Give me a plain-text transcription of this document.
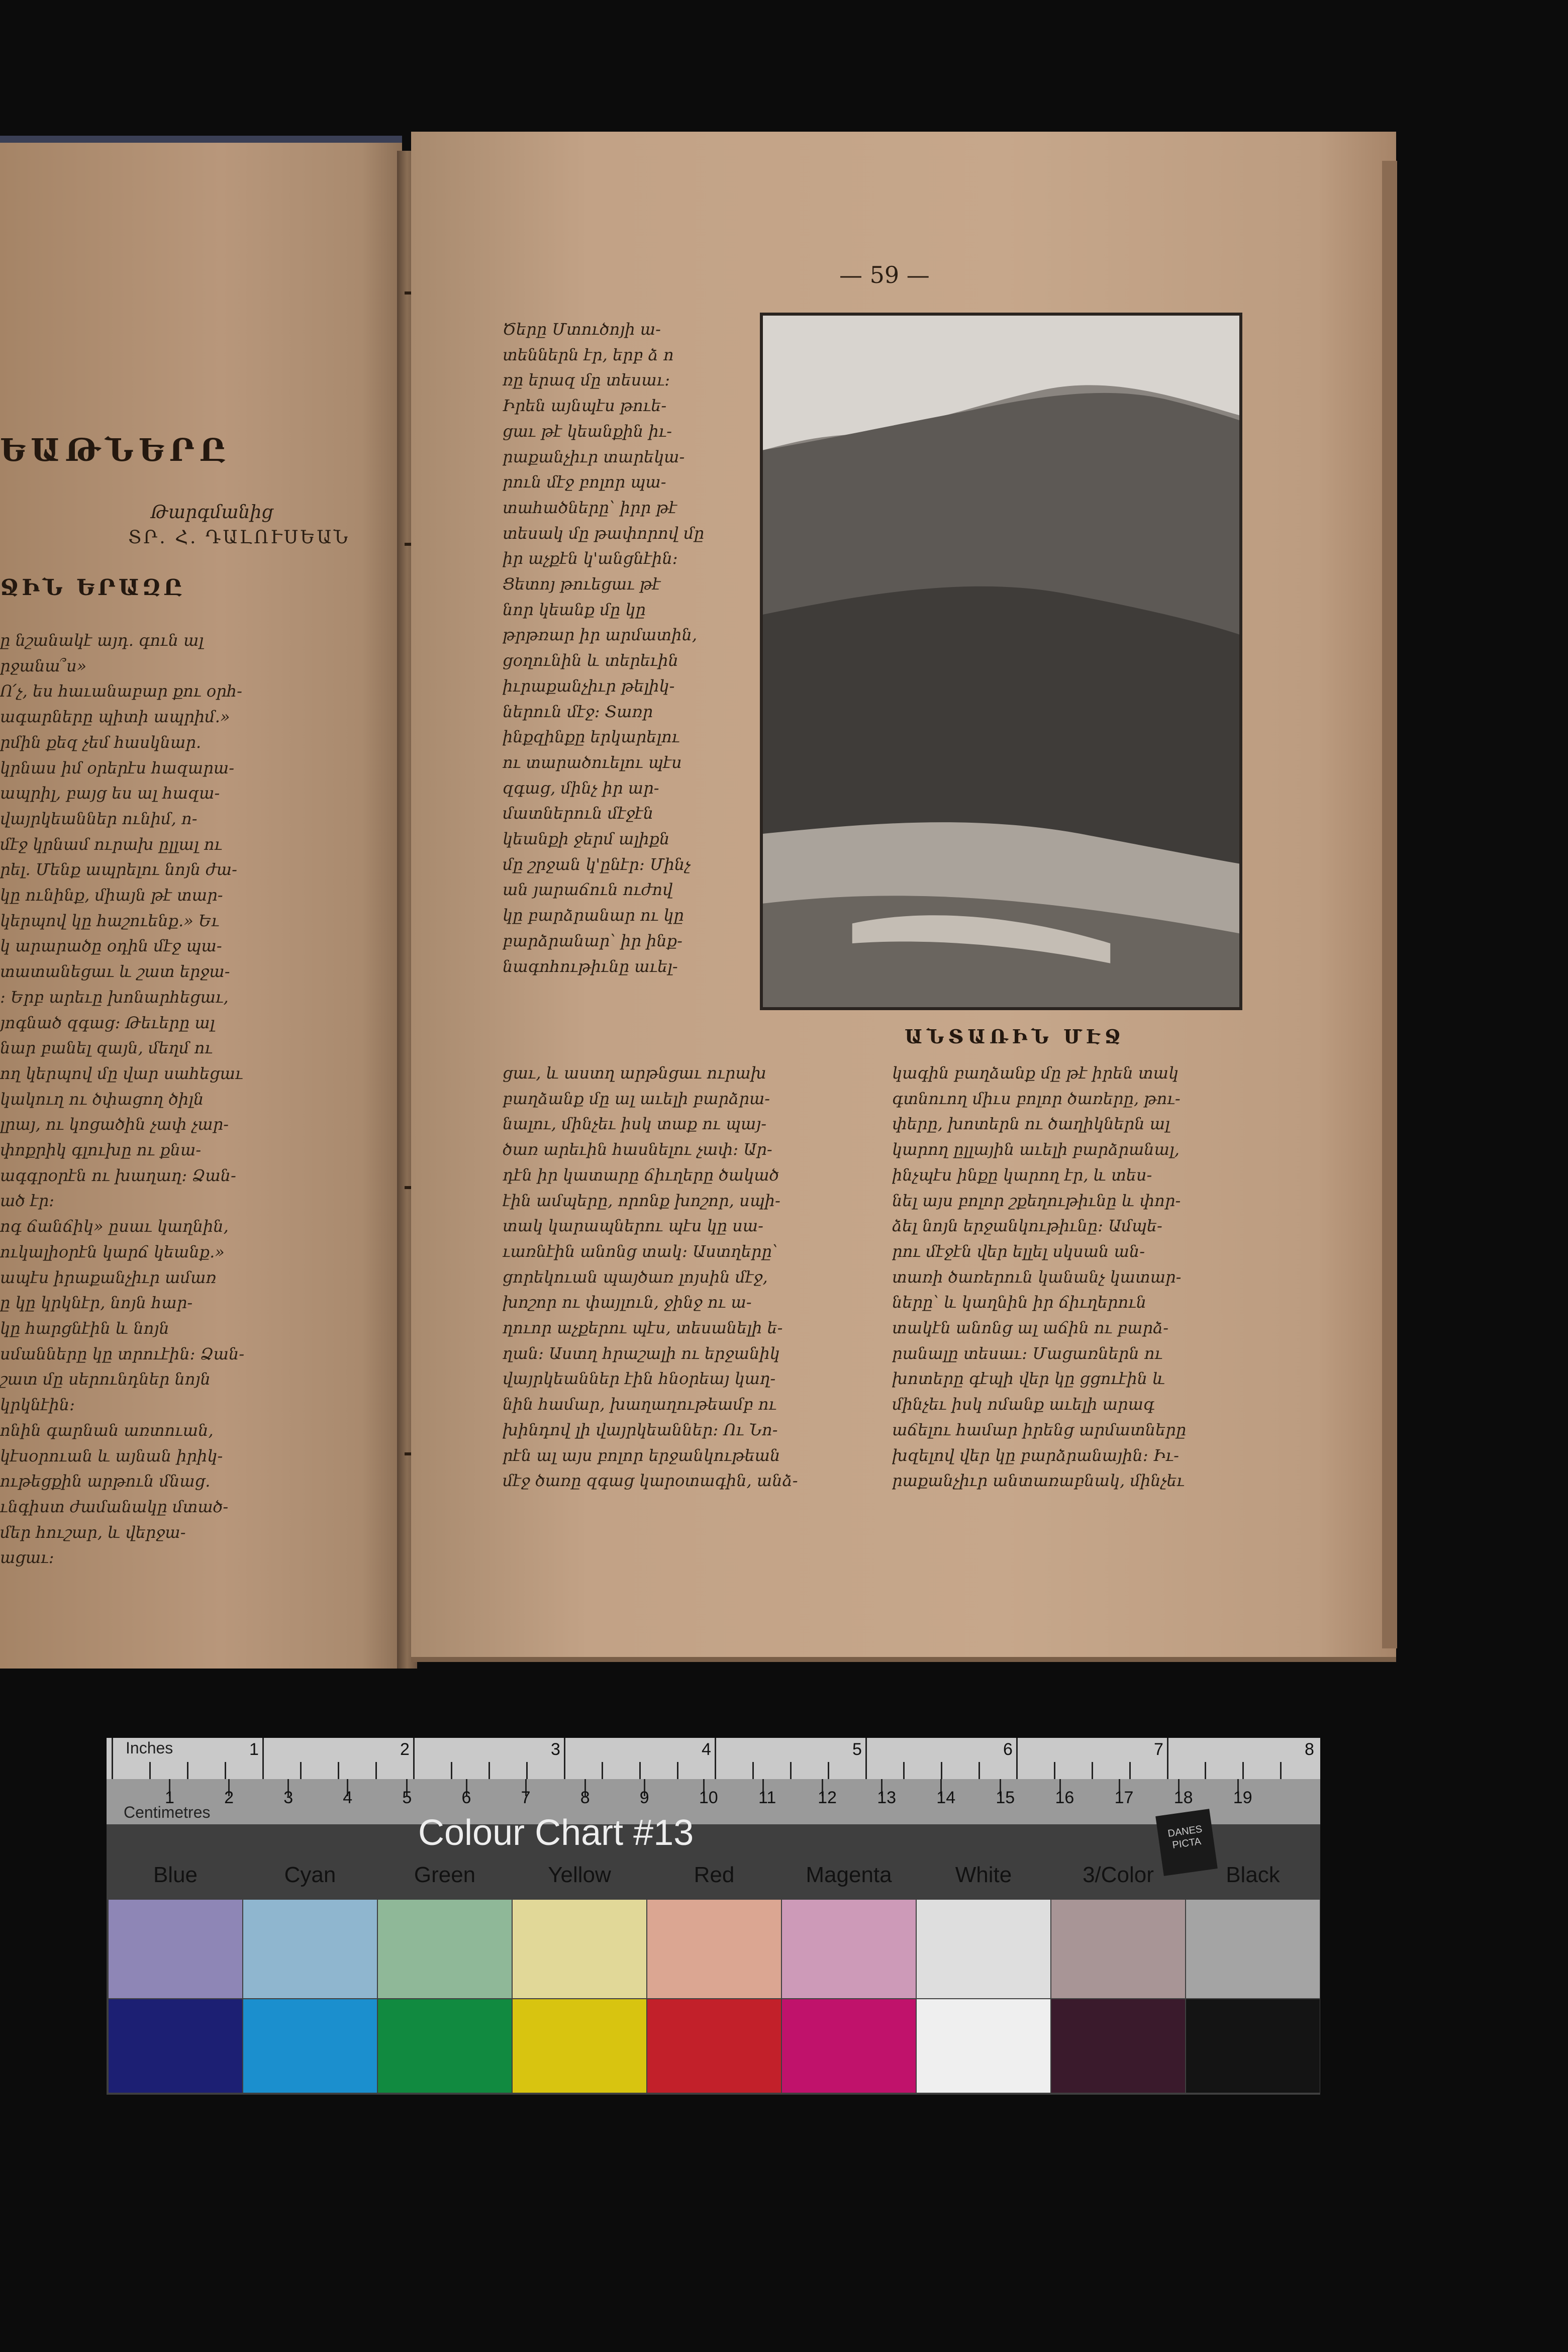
ԵԱԹՆԵՐԸ
Թարգմանից
ՏՐ. Հ. ԴԱԼՈՒՍԵԱՆ
ՋԻՆ ԵՐԱԶԸ
ը նշանակէ այդ. գուն ալ
րջանա՞ս»
Ո՛չ, ես հաւանաբար քու օրհ-
ագարները պիտի ապրիմ.»
րմին քեզ չեմ հասկնար.
կրնաս իմ օրերէս հազարա-
ապրիլ, բայց ես ալ հազա-
վայրկեաններ ունիմ, ո-
մէջ կրնամ ուրախ ըլլալ ու
րել. Մենք ապրելու նոյն ժա-
կը ունինք, միայն թէ տար-
կերպով կը հաշուենք.» Եւ
կ արարածը օդին մէջ պա-
տատանեցաւ և շատ երջա-
։ Երբ արեւը խոնարհեցաւ,
յոգնած զգաց։ Թեւերը ալ
նար բանել զայն, մեղմ ու
ող կերպով մը վար սահեցաւ
կակուղ ու ծփացող ծիլն
լրայ, ու կոցածին չափ չար-
փոքրիկ գլուխը ու քնա-
ագգրօրէն ու խաղաղ։ Ձան-
ած էր։
ոգ ճանճիկ» ըսաւ կաղնին,
ուկալիօրէն կարճ կեանք.»
ապէս իրաքանչիւր ամառ
ը կը կրկնէր, նոյն հար-
կը հարցնէին և նոյն
սմանները կը տրուէին։ Ձան-
շատ մը սերունդներ նոյն
կրկնէին։
ոնին գարնան առտուան,
կէսօրուան և այնան իրիկ-
ութեցքին արթուն մնաց.
ւնգիստ ժամանակը մտած-
մեր հուշար, և վերջա-
ացաւ։
— 59 —
Ծերը Մտուծոյի ա-
տեններն էր, երբ ձ ո
ռը երազ մը տեսաւ։
Իրեն այնպէս թուե-
ցաւ թէ կեանքին իւ-
րաքանչիւր տարեկա-
րուն մէջ բոլոր պա-
տահածները՝ իրր թէ
տեսակ մը թափորով մը
իր աչքէն կ'անցնէին։
Ցետոյ թուեցաւ թէ
նոր կեանք մը կը
թրթռար իր արմատին,
ցօղունին և տերեւին
իւրաքանչիւր թելիկ-
ներուն մէջ։ Տառր
ինքզինքը երկարելու
ու տարածուելու պէս
զգաց, մինչ իր ար-
մատներուն մէջէն
կեանքի ջերմ ալիքն
մը շրջան կ'ընէր։ Մինչ
ան յարաճուն ուժով
կը բարձրանար ու կը
բարձրանար՝ իր ինք-
նագոհութիւնը աւել-
ԱՆՏԱՌԻՆ ՄԷՋ
ցաւ, և աստղ արթնցաւ ուրախ
բաղձանք մը ալ աւելի բարձրա-
նալու, մինչեւ իսկ տաք ու պայ-
ծառ արեւին հասնելու չափ։ Ար-
դէն իր կատարը ճիւղերը ծակած
էին ամպերը, որոնք խոշոր, սպի-
տակ կարապներու պէս կը սա-
ւառնէին անոնց տակ։ Աստղերը՝
ցորեկուան պայծառ լոյսին մէջ,
խոշոր ու փայլուն, ջինջ ու ա-
ղուոր աչքերու պէս, տեսանելի ե-
ղան։ Աստղ հրաշալի ու երջանիկ
վայրկեաններ էին հնօրեայ կաղ-
նին համար, խաղաղութեամբ ու
խինդով լի վայրկեաններ։ Ու Նո-
րէն ալ այս բոլոր երջանկութեան
մէջ ծառը զգաց կարօտագին, անձ-
կագին բաղձանք մը թէ իրեն տակ
գտնուող միւս բոլոր ծառերը, թու-
փերը, խոտերն ու ծաղիկներն ալ
կարող ըլլային աւելի բարձրանալ,
ինչպէս ինքը կարող էր, և տես-
նել այս բոլոր շքեղութիւնը և փոր-
ձել նոյն երջանկութիւնը։ Ամպե-
րու մէջէն վեր ելլել սկսան ան-
տառի ծառերուն կանանչ կատար-
ները՝ և կաղնին իր ճիւղերուն
տակէն անոնց ալ աճին ու բարձ-
րանալը տեսաւ։ Մացառներն ու
խոտերը գէպի վեր կը ցցուէին և
մինչեւ իսկ ոմանք աւելի արագ
աճելու համար իրենց արմատները
խզելով վեր կը բարձրանային։ Իւ-
րաքանչիւր անտառաբնակ, մինչեւ
Inches
Centimetres
1	2	3	4	5	6	7	8
1	2	3	4	5	6	7	8	9	10 11 12 13 14 15 16 17 18 19
Colour Chart #13	DANES PICTA
Blue	Cyan	Green	Yellow	Red	Magenta	White	3/Color	Black
